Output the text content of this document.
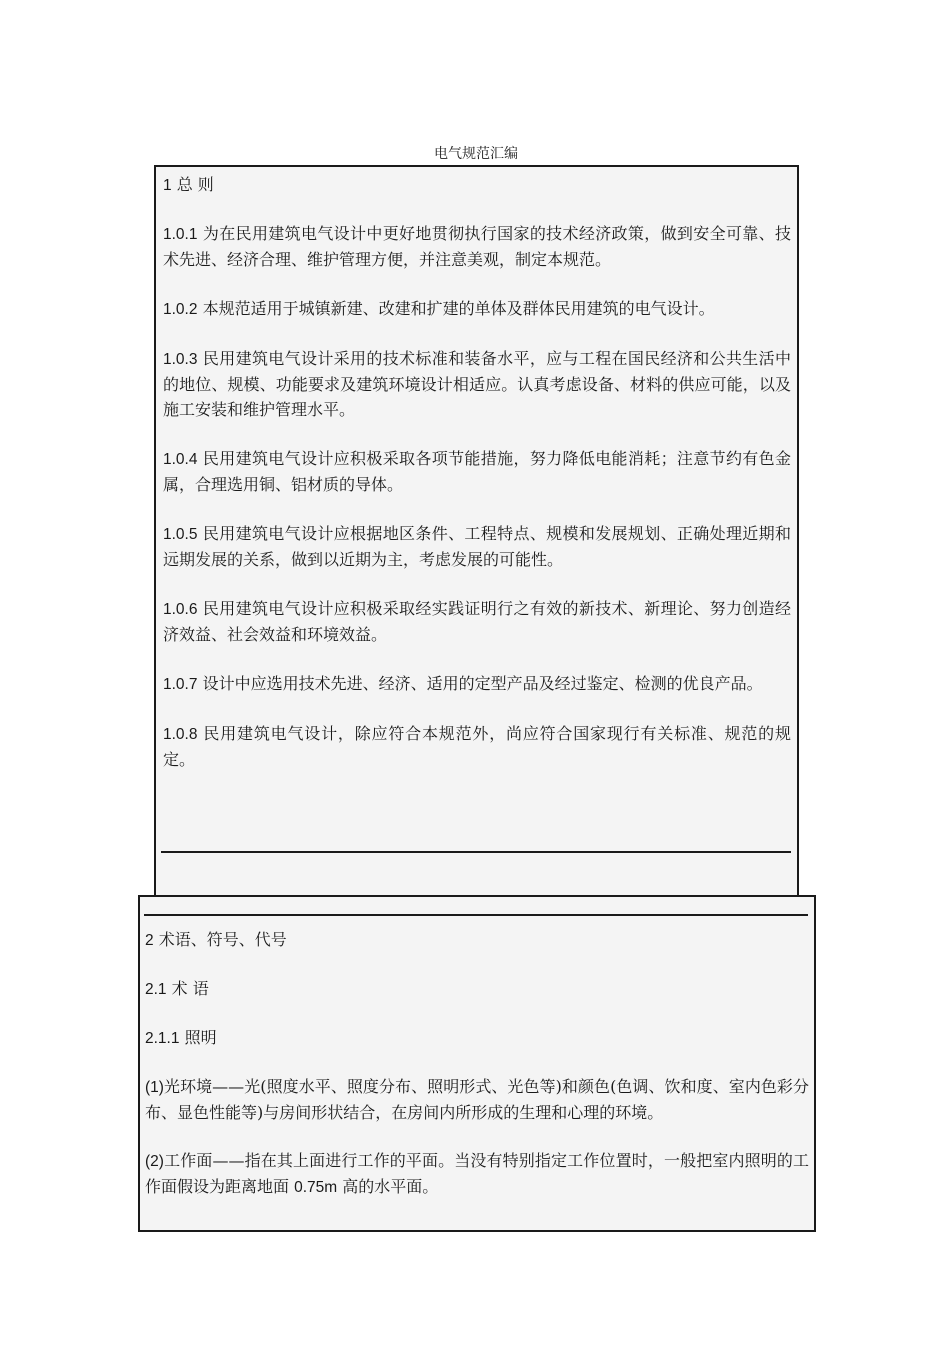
电气规范汇编

1 总 则

1.0.1 为在民用建筑电气设计中更好地贯彻执行国家的技术经济政策，做到安全可靠、技术先进、经济合理、维护管理方便，并注意美观，制定本规范。

1.0.2 本规范适用于城镇新建、改建和扩建的单体及群体民用建筑的电气设计。

1.0.3 民用建筑电气设计采用的技术标准和装备水平，应与工程在国民经济和公共生活中的地位、规模、功能要求及建筑环境设计相适应。认真考虑设备、材料的供应可能，以及施工安装和维护管理水平。

1.0.4 民用建筑电气设计应积极采取各项节能措施，努力降低电能消耗；注意节约有色金属，合理选用铜、铝材质的导体。

1.0.5 民用建筑电气设计应根据地区条件、工程特点、规模和发展规划、正确处理近期和远期发展的关系，做到以近期为主，考虑发展的可能性。

1.0.6 民用建筑电气设计应积极采取经实践证明行之有效的新技术、新理论、努力创造经济效益、社会效益和环境效益。

1.0.7 设计中应选用技术先进、经济、适用的定型产品及经过鉴定、检测的优良产品。

1.0.8 民用建筑电气设计，除应符合本规范外，尚应符合国家现行有关标准、规范的规定。

2 术语、符号、代号

2.1 术 语

2.1.1 照明

(1)光环境——光(照度水平、照度分布、照明形式、光色等)和颜色(色调、饮和度、室内色彩分布、显色性能等)与房间形状结合，在房间内所形成的生理和心理的环境。

(2)工作面——指在其上面进行工作的平面。当没有特别指定工作位置时，一般把室内照明的工作面假设为距离地面 0.75m 高的水平面。
